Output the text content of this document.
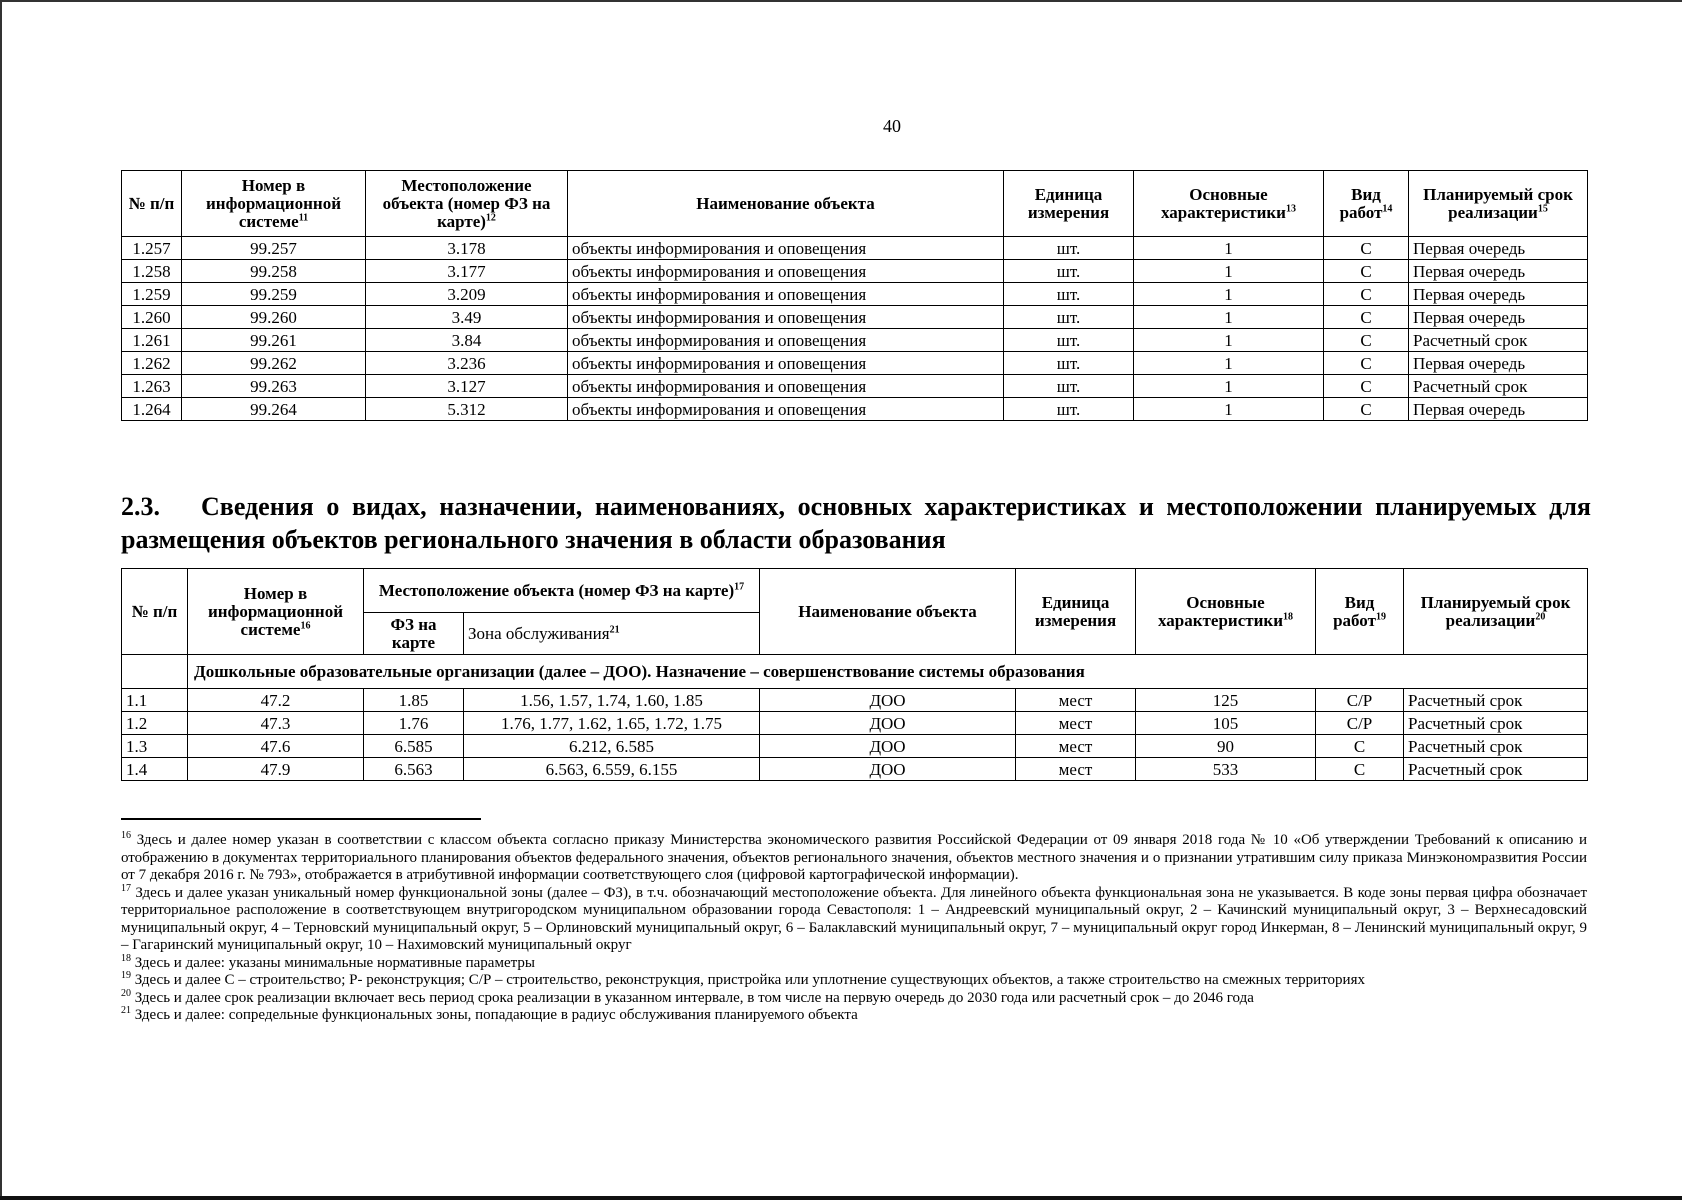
40
№ п/п	Номер в информационной системе$^{11}$	Местоположение объекта (номер ФЗ на карте)$^{12}$	Наименование объекта	Единица измерения	Основные характеристики$^{13}$	Вид работ$^{14}$	Планируемый срок реализации$^{15}$
1.257	99.257	3.178	объекты информирования и оповещения	шт.	1	С	Первая очередь
1.258	99.258	3.177	объекты информирования и оповещения	шт.	1	С	Первая очередь
1.259	99.259	3.209	объекты информирования и оповещения	шт.	1	С	Первая очередь
1.260	99.260	3.49	объекты информирования и оповещения	шт.	1	С	Первая очередь
1.261	99.261	3.84	объекты информирования и оповещения	шт.	1	С	Расчетный срок
1.262	99.262	3.236	объекты информирования и оповещения	шт.	1	С	Первая очередь
1.263	99.263	3.127	объекты информирования и оповещения	шт.	1	С	Расчетный срок
1.264	99.264	5.312	объекты информирования и оповещения	шт.	1	С	Первая очередь
2.3. Сведения о видах, назначении, наименованиях, основных характеристиках и местоположении планируемых для размещения объектов регионального значения в области образования
№ п/п	Номер в информационной системе$^{16}$	Местоположение объекта (номер ФЗ на карте)$^{17}$		Наименование объекта	Единица измерения	Основные характеристики$^{18}$	Вид работ$^{19}$	Планируемый срок реализации$^{20}$
		ФЗ на карте	Зона обслуживания$^{21}$
	Дошкольные образовательные организации (далее – ДОО). Назначение – совершенствование системы образования							
1.1	47.2	1.85	1.56, 1.57, 1.74, 1.60, 1.85	ДОО	мест	125	С/Р	Расчетный срок
1.2	47.3	1.76	1.76, 1.77, 1.62, 1.65, 1.72, 1.75	ДОО	мест	105	С/Р	Расчетный срок
1.3	47.6	6.585	6.212, 6.585	ДОО	мест	90	С	Расчетный срок
1.4	47.9	6.563	6.563, 6.559, 6.155	ДОО	мест	533	С	Расчетный срок

$^{16}$ Здесь и далее номер указан в соответствии с классом объекта согласно приказу Министерства экономического развития Российской Федерации от 09 января 2018 года № 10 «Об утверждении Требований к описанию и отображению в документах территориального планирования объектов федерального значения, объектов регионального значения, объектов местного значения и о признании утратившим силу приказа Минэкономразвития России от 7 декабря 2016 г. № 793», отображается в атрибутивной информации соответствующего слоя (цифровой картографической информации).

$^{17}$ Здесь и далее указан уникальный номер функциональной зоны (далее – ФЗ), в т.ч. обозначающий местоположение объекта. Для линейного объекта функциональная зона не указывается. В коде зоны первая цифра обозначает территориальное расположение в соответствующем внутригородском муниципальном образовании города Севастополя: 1 – Андреевский муниципальный округ, 2 – Качинский муниципальный округ, 3 – Верхнесадовский муниципальный округ, 4 – Терновский муниципальный округ, 5 – Орлиновский муниципальный округ, 6 – Балаклавский муниципальный округ, 7 – муниципальный округ город Инкерман, 8 – Ленинский муниципальный округ, 9 – Гагаринский муниципальный округ, 10 – Нахимовский муниципальный округ

$^{18}$ Здесь и далее: указаны минимальные нормативные параметры

$^{19}$ Здесь и далее С – строительство; Р- реконструкция; С/Р – строительство, реконструкция, пристройка или уплотнение существующих объектов, а также строительство на смежных территориях

$^{20}$ Здесь и далее срок реализации включает весь период срока реализации в указанном интервале, в том числе на первую очередь до 2030 года или расчетный срок – до 2046 года

$^{21}$ Здесь и далее: сопредельные функциональных зоны, попадающие в радиус обслуживания планируемого объекта
